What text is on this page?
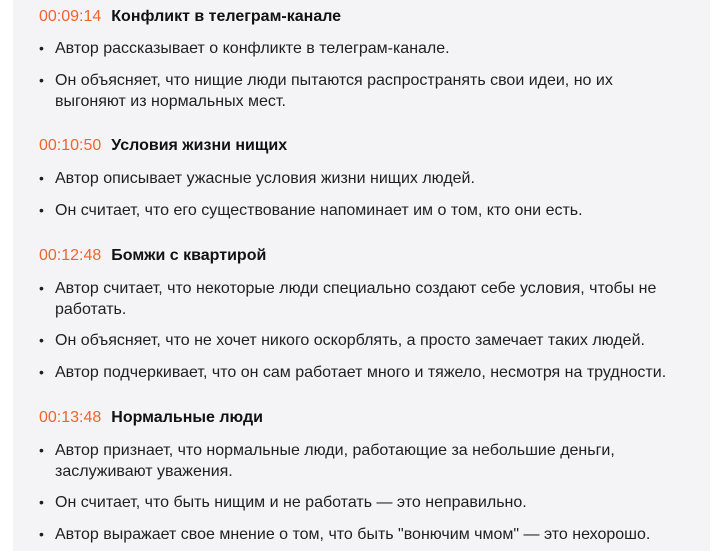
00:09:14 Конфликт в телеграм-канале
• Автор рассказывает о конфликте в телеграм-канале.
• Он объясняет, что нищие люди пытаются распространять свои идеи, но их выгоняют из нормальных мест.
00:10:50 Условия жизни нищих
• Автор описывает ужасные условия жизни нищих людей.
• Он считает, что его существование напоминает им о том, кто они есть.
00:12:48 Бомжи с квартирой
• Автор считает, что некоторые люди специально создают себе условия, чтобы не работать.
• Он объясняет, что не хочет никого оскорблять, а просто замечает таких людей.
• Автор подчеркивает, что он сам работает много и тяжело, несмотря на трудности.
00:13:48 Нормальные люди
• Автор признает, что нормальные люди, работающие за небольшие деньги, заслуживают уважения.
• Он считает, что быть нищим и не работать — это неправильно.
• Автор выражает свое мнение о том, что быть "вонючим чмом" — это нехорошо.
